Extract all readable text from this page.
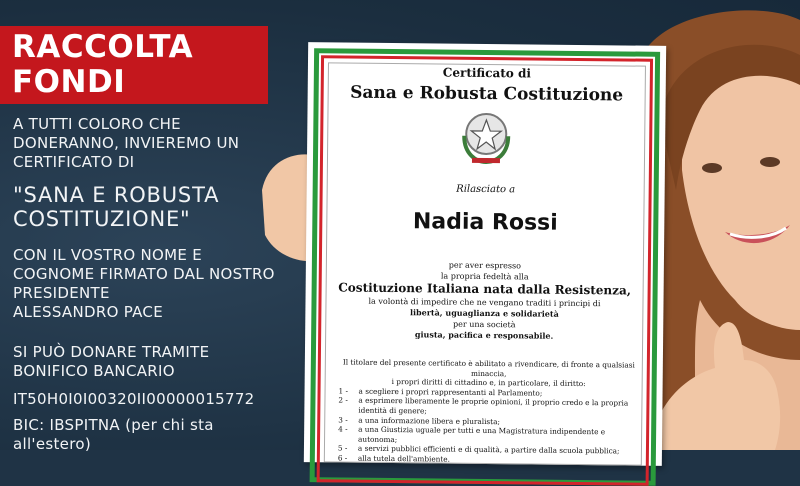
RACCOLTA
FONDI
A TUTTI COLORO CHE
DONERANNO, INVIEREMO UN
CERTIFICATO DI
"SANA E ROBUSTA
COSTITUZIONE"
CON IL VOSTRO NOME E
COGNOME FIRMATO DAL NOSTRO
PRESIDENTE
ALESSANDRO PACE
SI PUÒ DONARE TRAMITE
BONIFICO BANCARIO
IT50H0I0I00320II00000015772
BIC: IBSPITNA (per chi sta
all'estero)
Certificato di
Sana e Robusta Costituzione
Rilasciato a
Nadia Rossi
per aver espresso
la propria fedeltà alla
Costituzione Italiana nata dalla Resistenza,
la volontà di impedire che ne vengano traditi i principi di
libertà, uguaglianza e solidarietà
per una società
giusta, pacifica e responsabile.
Il titolare del presente certificato è abilitato a rivendicare, di fronte a qualsiasi minaccia,
i propri diritti di cittadino e, in particolare, il diritto:
1 -	a scegliere i propri rappresentanti al Parlamento;
2 -	a esprimere liberamente le proprie opinioni, il proprio credo e la propria identità di genere;
3 -	a una informazione libera e pluralista;
4 -	a una Giustizia uguale per tutti e una Magistratura indipendente e autonoma;
5 -	a servizi pubblici efficienti e di qualità, a partire dalla scuola pubblica;
6 -	alla tutela dell'ambiente.
